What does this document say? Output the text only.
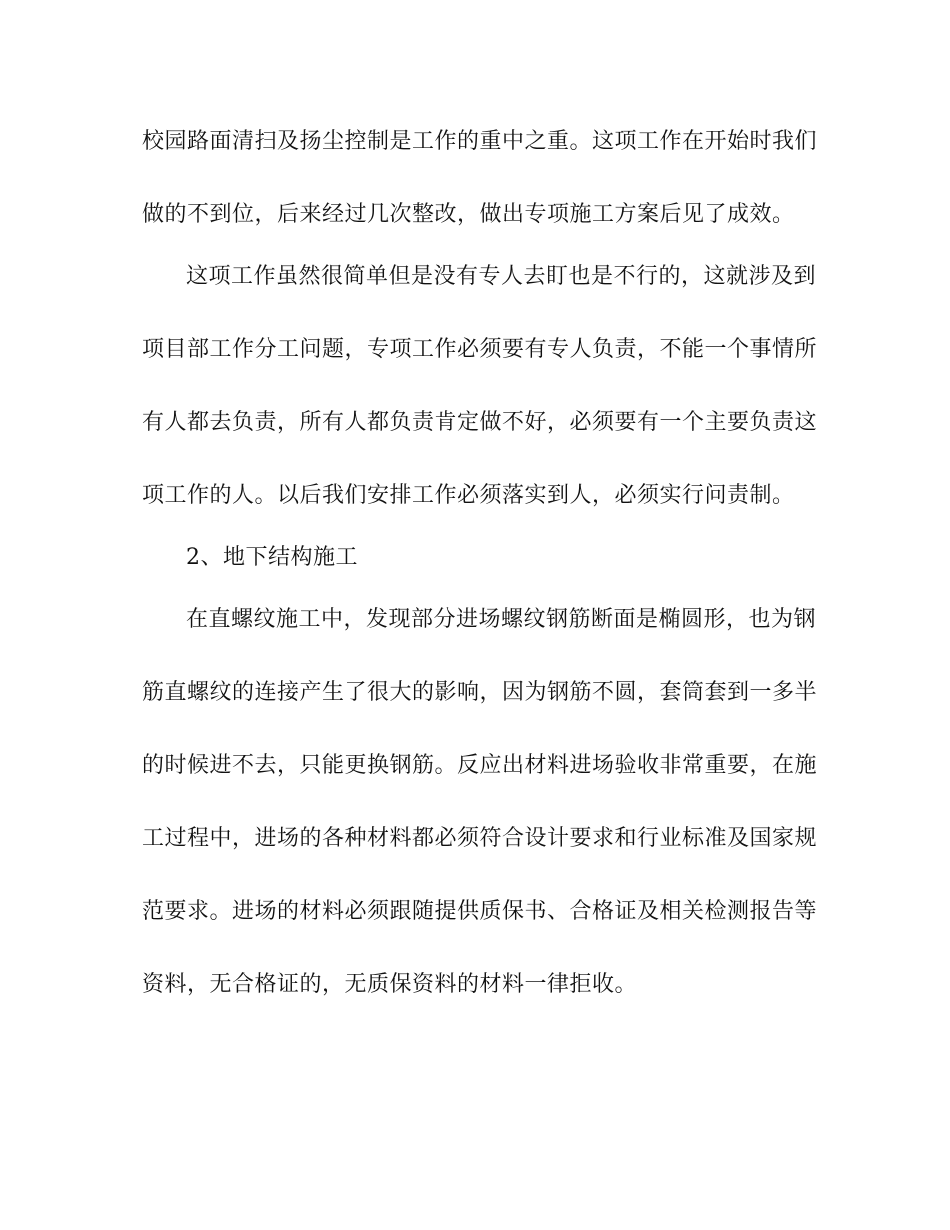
校园路面清扫及扬尘控制是工作的重中之重。这项工作在开始时我们
做的不到位，后来经过几次整改，做出专项施工方案后见了成效。
这项工作虽然很简单但是没有专人去盯也是不行的，这就涉及到
项目部工作分工问题，专项工作必须要有专人负责，不能一个事情所
有人都去负责，所有人都负责肯定做不好，必须要有一个主要负责这
项工作的人。以后我们安排工作必须落实到人，必须实行问责制。
2、地下结构施工
在直螺纹施工中，发现部分进场螺纹钢筋断面是椭圆形，也为钢
筋直螺纹的连接产生了很大的影响，因为钢筋不圆，套筒套到一多半
的时候进不去，只能更换钢筋。反应出材料进场验收非常重要，在施
工过程中，进场的各种材料都必须符合设计要求和行业标准及国家规
范要求。进场的材料必须跟随提供质保书、合格证及相关检测报告等
资料，无合格证的，无质保资料的材料一律拒收。
